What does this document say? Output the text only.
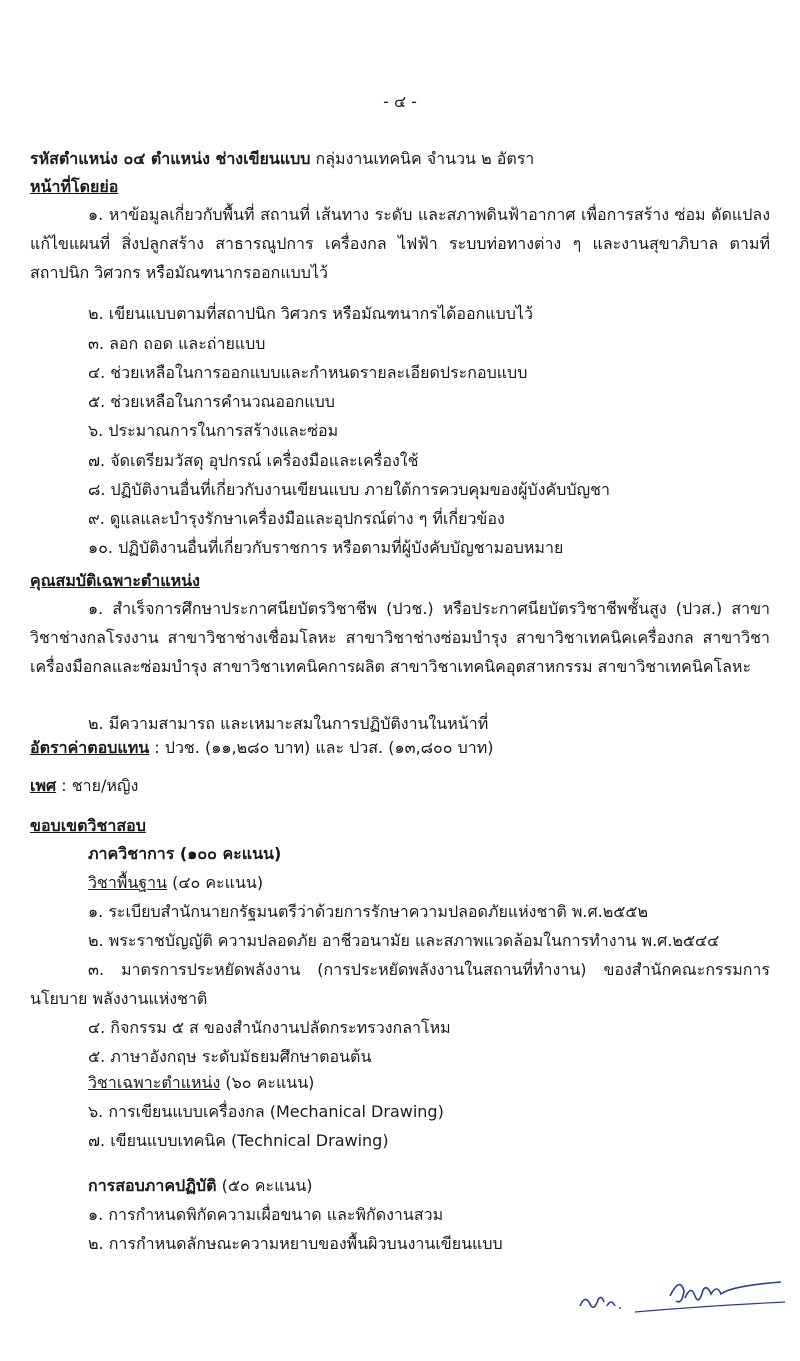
- ๔ -
รหัสตำแหน่ง ๐๔ ตำแหน่ง ช่างเขียนแบบ กลุ่มงานเทคนิค จำนวน ๒ อัตรา
หน้าที่โดยย่อ
๑. หาข้อมูลเกี่ยวกับพื้นที่ สถานที่ เส้นทาง ระดับ และสภาพดินฟ้าอากาศ เพื่อการสร้าง ซ่อม ดัดแปลง แก้ไขแผนที่ สิ่งปลูกสร้าง สาธารณูปการ เครื่องกล ไฟฟ้า ระบบท่อทางต่าง ๆ และงานสุขาภิบาล ตามที่สถาปนิก วิศวกร หรือมัณฑนากรออกแบบไว้
๒. เขียนแบบตามที่สถาปนิก วิศวกร หรือมัณฑนากรได้ออกแบบไว้
๓. ลอก ถอด และถ่ายแบบ
๔. ช่วยเหลือในการออกแบบและกำหนดรายละเอียดประกอบแบบ
๕. ช่วยเหลือในการคำนวณออกแบบ
๖. ประมาณการในการสร้างและซ่อม
๗. จัดเตรียมวัสดุ อุปกรณ์ เครื่องมือและเครื่องใช้
๘. ปฏิบัติงานอื่นที่เกี่ยวกับงานเขียนแบบ ภายใต้การควบคุมของผู้บังคับบัญชา
๙. ดูแลและบำรุงรักษาเครื่องมือและอุปกรณ์ต่าง ๆ ที่เกี่ยวข้อง
๑๐. ปฏิบัติงานอื่นที่เกี่ยวกับราชการ หรือตามที่ผู้บังคับบัญชามอบหมาย
คุณสมบัติเฉพาะตำแหน่ง
๑. สำเร็จการศึกษาประกาศนียบัตรวิชาชีพ (ปวช.) หรือประกาศนียบัตรวิชาชีพชั้นสูง (ปวส.) สาขาวิชาช่างกลโรงงาน สาขาวิชาช่างเชื่อมโลหะ สาขาวิชาช่างซ่อมบำรุง สาขาวิชาเทคนิคเครื่องกล สาขาวิชาเครื่องมือกลและซ่อมบำรุง สาขาวิชาเทคนิคการผลิต สาขาวิชาเทคนิคอุตสาหกรรม สาขาวิชาเทคนิคโลหะ
๒. มีความสามารถ และเหมาะสมในการปฏิบัติงานในหน้าที่
อัตราค่าตอบแทน : ปวช. (๑๑,๒๘๐ บาท) และ ปวส. (๑๓,๘๐๐ บาท)
เพศ : ชาย/หญิง
ขอบเขตวิชาสอบ
ภาควิชาการ (๑๐๐ คะแนน)
วิชาพื้นฐาน (๔๐ คะแนน)
๑. ระเบียบสำนักนายกรัฐมนตรีว่าด้วยการรักษาความปลอดภัยแห่งชาติ พ.ศ.๒๕๕๒
๒. พระราชบัญญัติ ความปลอดภัย อาชีวอนามัย และสภาพแวดล้อมในการทำงาน พ.ศ.๒๕๔๔
๓. มาตรการประหยัดพลังงาน (การประหยัดพลังงานในสถานที่ทำงาน) ของสำนักคณะกรรมการนโยบาย พลังงานแห่งชาติ
๔. กิจกรรม ๕ ส ของสำนักงานปลัดกระทรวงกลาโหม
๕. ภาษาอังกฤษ ระดับมัธยมศึกษาตอนต้น
วิชาเฉพาะตำแหน่ง (๖๐ คะแนน)
๖. การเขียนแบบเครื่องกล (Mechanical Drawing)
๗. เขียนแบบเทคนิค (Technical Drawing)
การสอบภาคปฏิบัติ (๕๐ คะแนน)
๑. การกำหนดพิกัดความเผื่อขนาด และพิกัดงานสวม
๒. การกำหนดลักษณะความหยาบของพื้นผิวบนงานเขียนแบบ
